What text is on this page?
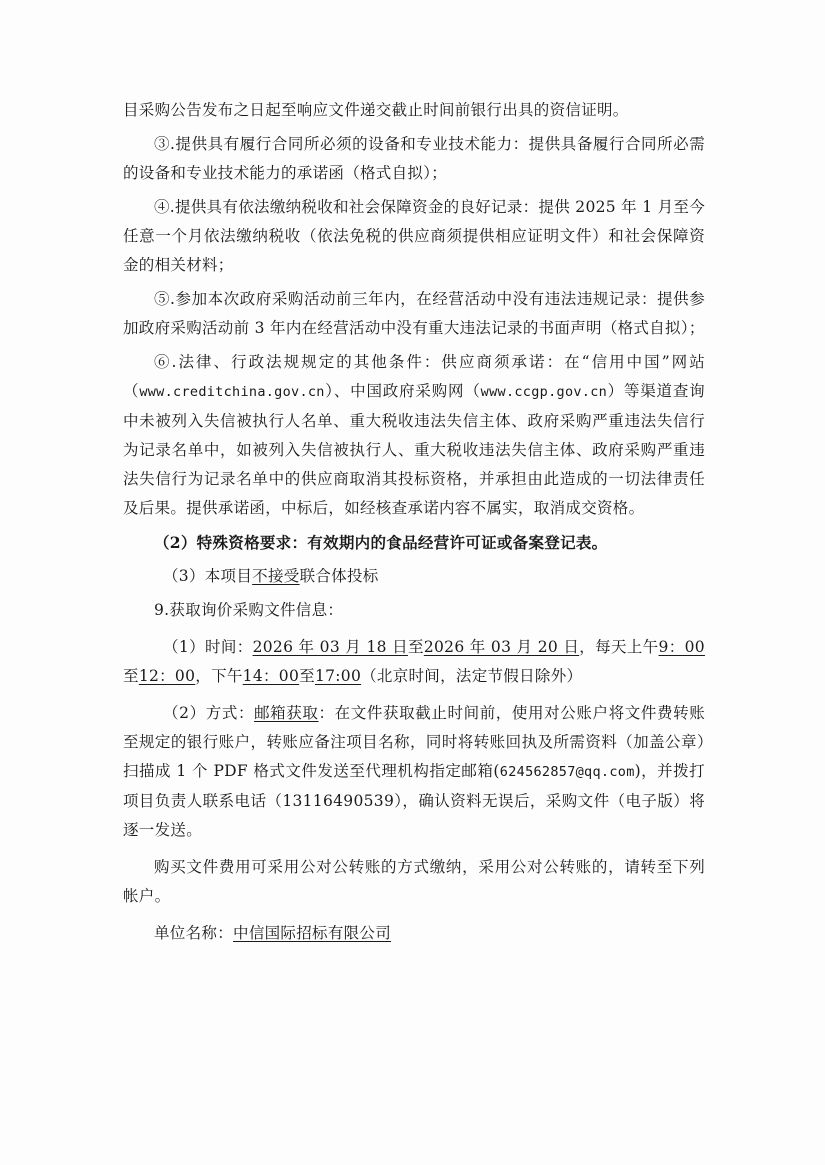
目采购公告发布之日起至响应文件递交截止时间前银行出具的资信证明。

③.提供具有履行合同所必须的设备和专业技术能力：提供具备履行合同所必需的设备和专业技术能力的承诺函（格式自拟）；

④.提供具有依法缴纳税收和社会保障资金的良好记录：提供 2025 年 1 月至今任意一个月依法缴纳税收（依法免税的供应商须提供相应证明文件）和社会保障资金的相关材料；

⑤.参加本次政府采购活动前三年内，在经营活动中没有违法违规记录：提供参加政府采购活动前 3 年内在经营活动中没有重大违法记录的书面声明（格式自拟）；

⑥.法律、行政法规规定的其他条件：供应商须承诺：在“信用中国”网站（www.creditchina.gov.cn）、中国政府采购网（www.ccgp.gov.cn）等渠道查询中未被列入失信被执行人名单、重大税收违法失信主体、政府采购严重违法失信行为记录名单中，如被列入失信被执行人、重大税收违法失信主体、政府采购严重违法失信行为记录名单中的供应商取消其投标资格，并承担由此造成的一切法律责任及后果。提供承诺函，中标后，如经核查承诺内容不属实，取消成交资格。

（2）特殊资格要求：有效期内的食品经营许可证或备案登记表。

（3）本项目不接受联合体投标

9.获取询价采购文件信息：

（1）时间：2026 年 03 月 18 日至2026 年 03 月 20 日，每天上午9：00至12：00，下午14：00至17:00（北京时间，法定节假日除外）

（2）方式：邮箱获取：在文件获取截止时间前，使用对公账户将文件费转账至规定的银行账户，转账应备注项目名称，同时将转账回执及所需资料（加盖公章）扫描成 1 个 PDF 格式文件发送至代理机构指定邮箱(624562857@qq.com)，并拨打项目负责人联系电话（13116490539），确认资料无误后，采购文件（电子版）将逐一发送。

购买文件费用可采用公对公转账的方式缴纳，采用公对公转账的，请转至下列帐户。

单位名称：中信国际招标有限公司
